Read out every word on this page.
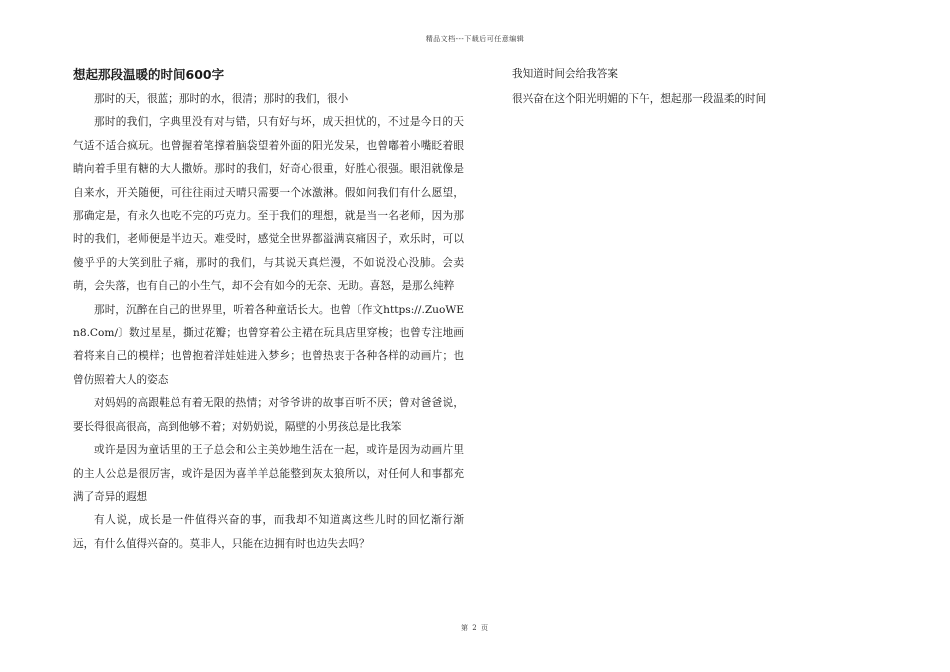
精品文档---下载后可任意编辑
想起那段温暖的时间600字

那时的天，很蓝；那时的水，很清；那时的我们，很小

那时的我们，字典里没有对与错，只有好与坏，成天担忧的，不过是今日的天气适不适合疯玩。也曾握着笔撑着脑袋望着外面的阳光发呆，也曾嘟着小嘴眨着眼睛向着手里有糖的大人撒娇。那时的我们，好奇心很重，好胜心很强。眼泪就像是自来水，开关随便，可往往雨过天晴只需要一个冰激淋。假如问我们有什么愿望，那确定是，有永久也吃不完的巧克力。至于我们的理想，就是当一名老师，因为那时的我们，老师便是半边天。难受时，感觉全世界都溢满哀痛因子，欢乐时，可以傻乎乎的大笑到肚子痛，那时的我们，与其说天真烂漫，不如说没心没肺。会卖萌，会失落，也有自己的小生气，却不会有如今的无奈、无助。喜怒，是那么纯粹

那时，沉醉在自己的世界里，听着各种童话长大。也曾〔作文https://.ZuoWEn8.Com/〕数过星星，撕过花瓣；也曾穿着公主裙在玩具店里穿梭；也曾专注地画着将来自己的模样；也曾抱着洋娃娃进入梦乡；也曾热衷于各种各样的动画片；也曾仿照着大人的姿态

对妈妈的高跟鞋总有着无限的热情；对爷爷讲的故事百听不厌；曾对爸爸说，要长得很高很高，高到他够不着；对奶奶说，隔壁的小男孩总是比我笨

或许是因为童话里的王子总会和公主美妙地生活在一起，或许是因为动画片里的主人公总是很厉害，或许是因为喜羊羊总能整到灰太狼所以，对任何人和事都充满了奇异的遐想

有人说，成长是一件值得兴奋的事，而我却不知道离这些儿时的回忆渐行渐远，有什么值得兴奋的。莫非人，只能在边拥有时也边失去吗？

我知道时间会给我答案

很兴奋在这个阳光明媚的下午，想起那一段温柔的时间

第 2 页
